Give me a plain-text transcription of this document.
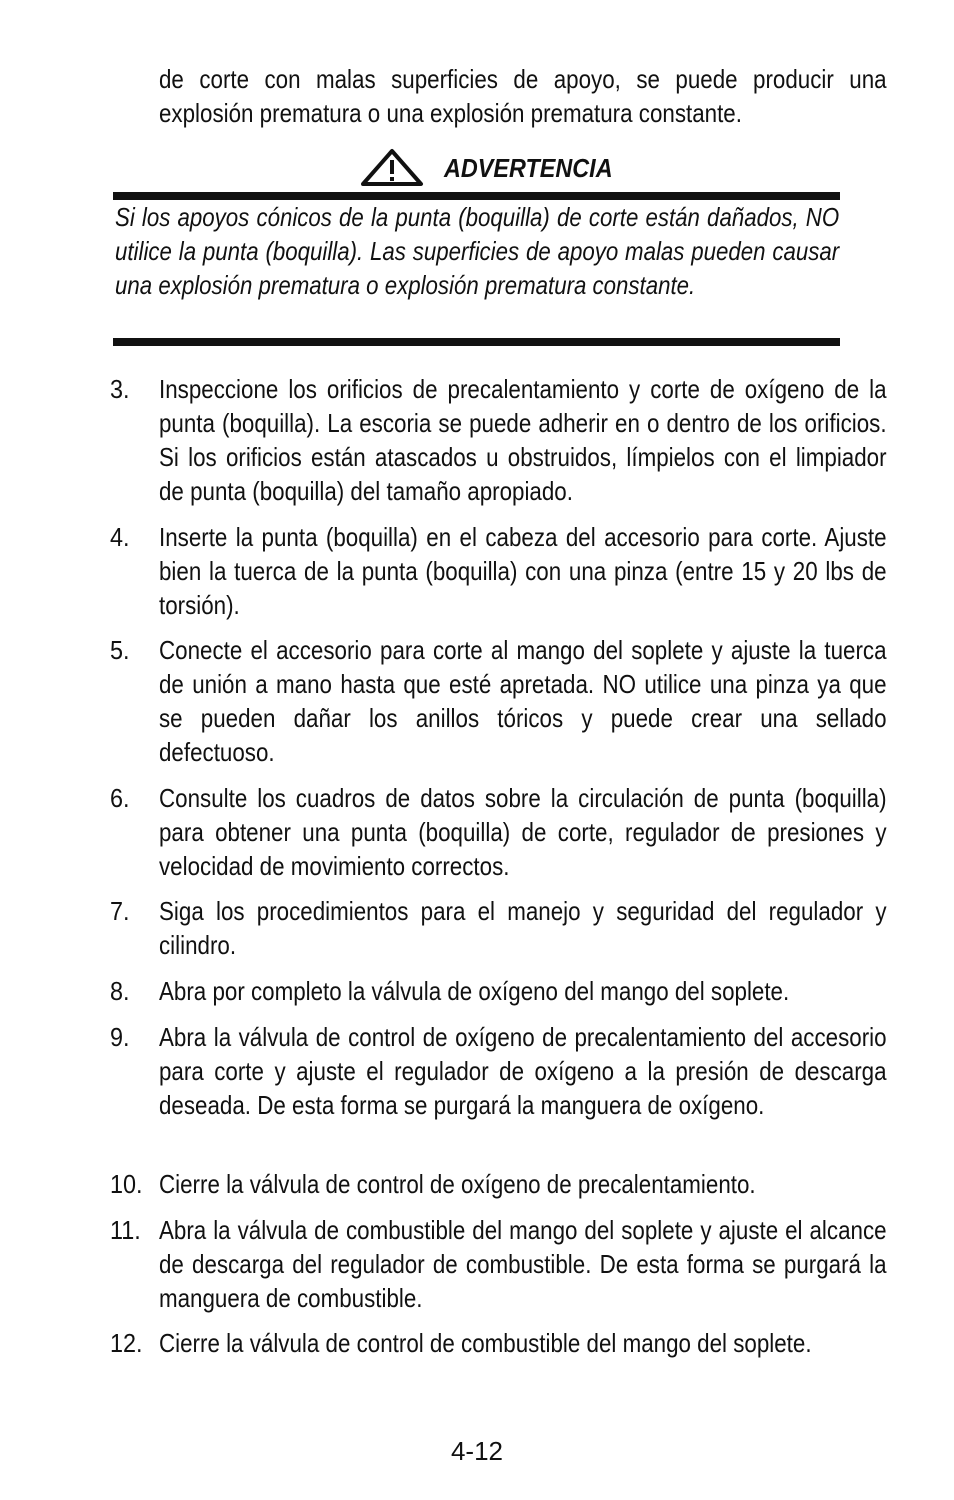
de corte con malas superficies de apoyo, se puede producir una explosión prematura o una explosión prematura constante.
ADVERTENCIA
Si los apoyos cónicos de la punta (boquilla) de corte están dañados, NO utilice la punta (boquilla). Las superficies de apoyo malas pueden causar una explosión prematura o explosión prematura constante.
3. Inspeccione los orificios de precalentamiento y corte de oxígeno de la punta (boquilla). La escoria se puede adherir en o dentro de los orificios. Si los orificios están atascados u obstruidos, límpielos con el limpiador de punta (boquilla) del tamaño apropiado.
4. Inserte la punta (boquilla) en el cabeza del accesorio para corte. Ajuste bien la tuerca de la punta (boquilla) con una pinza (entre 15 y 20 lbs de torsión).
5. Conecte el accesorio para corte al mango del soplete y ajuste la tuerca de unión a mano hasta que esté apretada. NO utilice una pinza ya que se pueden dañar los anillos tóricos y puede crear una sellado defectuoso.
6. Consulte los cuadros de datos sobre la circulación de punta (boquilla) para obtener una punta (boquilla) de corte, regulador de presiones y velocidad de movimiento correctos.
7. Siga los procedimientos para el manejo y seguridad del regulador y cilindro.
8. Abra por completo la válvula de oxígeno del mango del soplete.
9. Abra la válvula de control de oxígeno de precalentamiento del accesorio para corte y ajuste el regulador de oxígeno a la presión de descarga deseada. De esta forma se purgará la manguera de oxígeno.
10. Cierre la válvula de control de oxígeno de precalentamiento.
11. Abra la válvula de combustible del mango del soplete y ajuste el alcance de descarga del regulador de combustible. De esta forma se purgará la manguera de combustible.
12. Cierre la válvula de control de combustible del mango del soplete.
4-12
